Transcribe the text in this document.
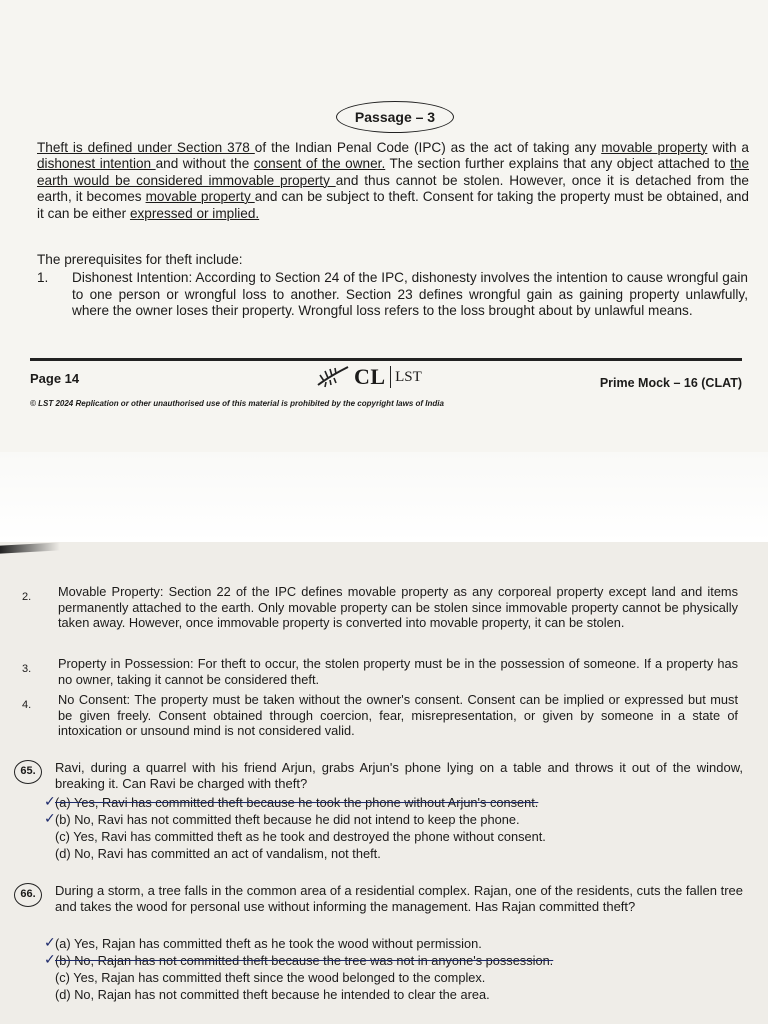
Passage – 3
Theft is defined under Section 378 of the Indian Penal Code (IPC) as the act of taking any movable property with a dishonest intention and without the consent of the owner. The section further explains that any object attached to the earth would be considered immovable property and thus cannot be stolen. However, once it is detached from the earth, it becomes movable property and can be subject to theft. Consent for taking the property must be obtained, and it can be either expressed or implied.
The prerequisites for theft include:
1. Dishonest Intention: According to Section 24 of the IPC, dishonesty involves the intention to cause wrongful gain to one person or wrongful loss to another. Section 23 defines wrongful gain as gaining property unlawfully, where the owner loses their property. Wrongful loss refers to the loss brought about by unlawful means.
Page 14	CL LST	Prime Mock – 16 (CLAT)
© LST 2024 Replication or other unauthorised use of this material is prohibited by the copyright laws of India
2. Movable Property: Section 22 of the IPC defines movable property as any corporeal property except land and items permanently attached to the earth. Only movable property can be stolen since immovable property cannot be physically taken away. However, once immovable property is converted into movable property, it can be stolen.
3. Property in Possession: For theft to occur, the stolen property must be in the possession of someone. If a property has no owner, taking it cannot be considered theft.
4. No Consent: The property must be taken without the owner's consent. Consent can be implied or expressed but must be given freely. Consent obtained through coercion, fear, misrepresentation, or given by someone in a state of intoxication or unsound mind is not considered valid.
65.	Ravi, during a quarrel with his friend Arjun, grabs Arjun's phone lying on a table and throws it out of the window, breaking it. Can Ravi be charged with theft?
✓ (a) Yes, Ravi has committed theft because he took the phone without Arjun's consent.
✓ (b) No, Ravi has not committed theft because he did not intend to keep the phone.
(c) Yes, Ravi has committed theft as he took and destroyed the phone without consent.
(d) No, Ravi has committed an act of vandalism, not theft.
66.	During a storm, a tree falls in the common area of a residential complex. Rajan, one of the residents, cuts the fallen tree and takes the wood for personal use without informing the management. Has Rajan committed theft?
✓ (a) Yes, Rajan has committed theft as he took the wood without permission.
✓ (b) No, Rajan has not committed theft because the tree was not in anyone's possession.
(c) Yes, Rajan has committed theft since the wood belonged to the complex.
(d) No, Rajan has not committed theft because he intended to clear the area.
